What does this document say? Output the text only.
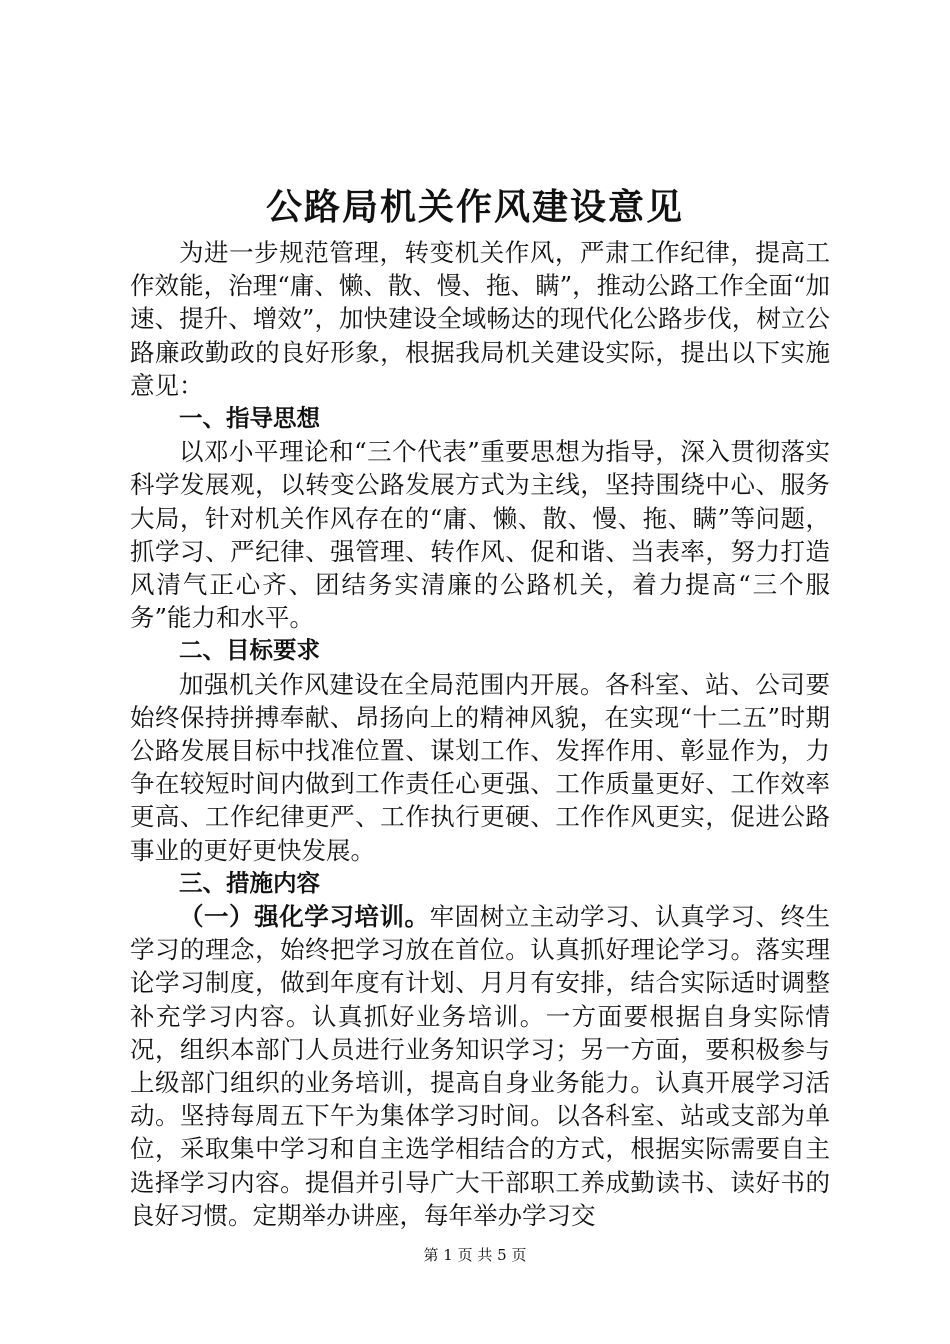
公路局机关作风建设意见

为进一步规范管理，转变机关作风，严肃工作纪律，提高工作效能，治理“庸、懒、散、慢、拖、瞒”，推动公路工作全面“加速、提升、增效”，加快建设全域畅达的现代化公路步伐，树立公路廉政勤政的良好形象，根据我局机关建设实际，提出以下实施意见：

一、指导思想

以邓小平理论和“三个代表”重要思想为指导，深入贯彻落实科学发展观，以转变公路发展方式为主线，坚持围绕中心、服务大局，针对机关作风存在的“庸、懒、散、慢、拖、瞒”等问题，抓学习、严纪律、强管理、转作风、促和谐、当表率，努力打造风清气正心齐、团结务实清廉的公路机关，着力提高“三个服务”能力和水平。

二、目标要求

加强机关作风建设在全局范围内开展。各科室、站、公司要始终保持拼搏奉献、昂扬向上的精神风貌，在实现“十二五”时期公路发展目标中找准位置、谋划工作、发挥作用、彰显作为，力争在较短时间内做到工作责任心更强、工作质量更好、工作效率更高、工作纪律更严、工作执行更硬、工作作风更实，促进公路事业的更好更快发展。

三、措施内容

（一）强化学习培训。牢固树立主动学习、认真学习、终生学习的理念，始终把学习放在首位。认真抓好理论学习。落实理论学习制度，做到年度有计划、月月有安排，结合实际适时调整补充学习内容。认真抓好业务培训。一方面要根据自身实际情况，组织本部门人员进行业务知识学习；另一方面，要积极参与上级部门组织的业务培训，提高自身业务能力。认真开展学习活动。坚持每周五下午为集体学习时间。以各科室、站或支部为单位，采取集中学习和自主选学相结合的方式，根据实际需要自主选择学习内容。提倡并引导广大干部职工养成勤读书、读好书的良好习惯。定期举办讲座，每年举办学习交

第 1 页 共 5 页
